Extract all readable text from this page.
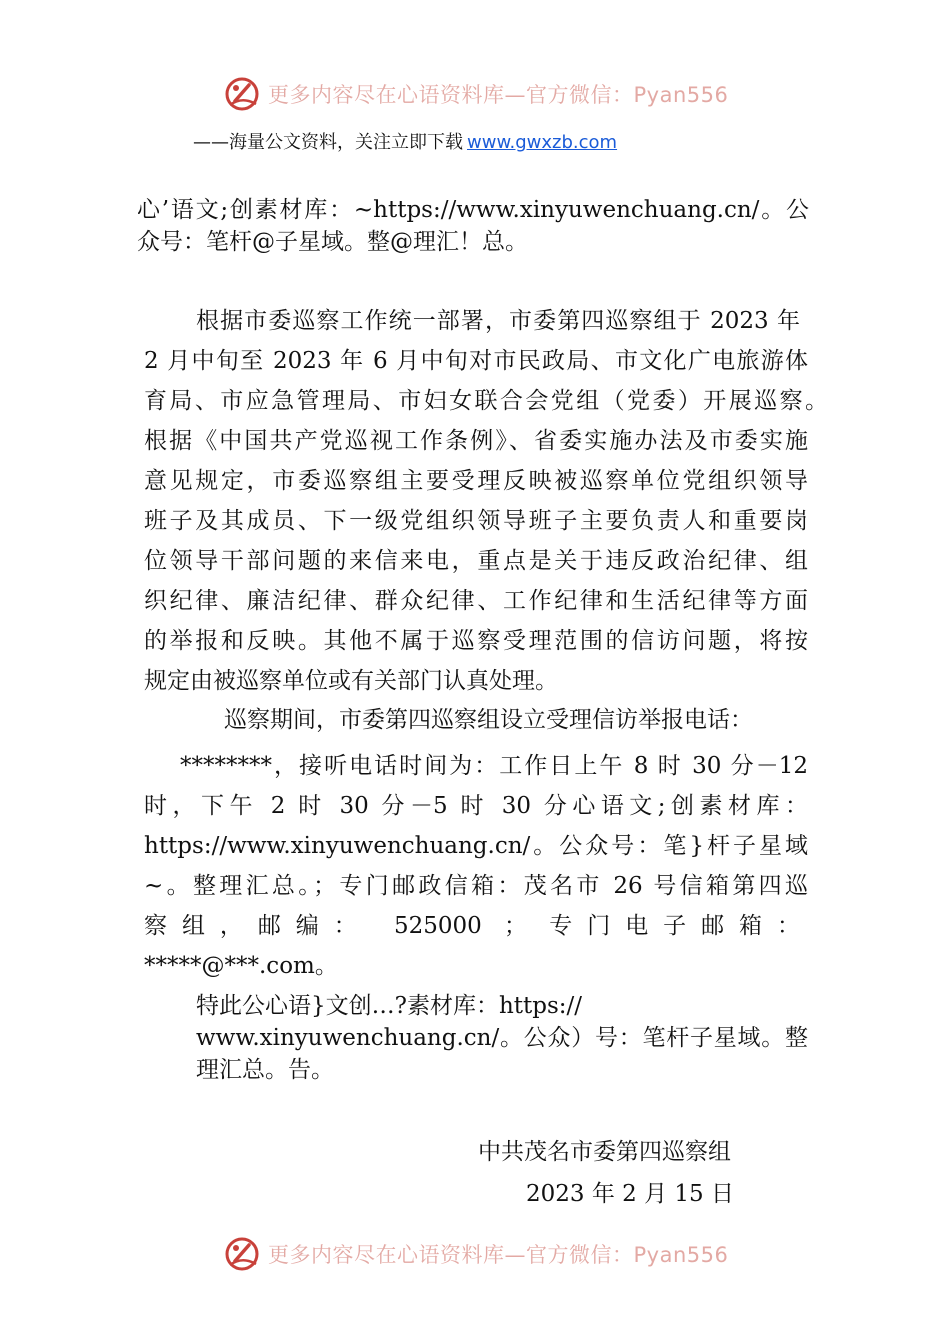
更多内容尽在心语资料库—官方微信：Pyan556
——海量公文资料，关注立即下载 www.gwxzb.com
心’语文;创素材库：~https://www.xinyuwenchuang.cn/。公
众号：笔杆@子星域。整@理汇！总。
根据市委巡察工作统一部署，市委第四巡察组于 2023 年
2 月中旬至 2023 年 6 月中旬对市民政局、市文化广电旅游体
育局、市应急管理局、市妇女联合会党组（党委）开展巡察。
根据《中国共产党巡视工作条例》、省委实施办法及市委实施
意见规定，市委巡察组主要受理反映被巡察单位党组织领导
班子及其成员、下一级党组织领导班子主要负责人和重要岗
位领导干部问题的来信来电，重点是关于违反政治纪律、组
织纪律、廉洁纪律、群众纪律、工作纪律和生活纪律等方面
的举报和反映。其他不属于巡察受理范围的信访问题，将按
规定由被巡察单位或有关部门认真处理。
巡察期间，市委第四巡察组设立受理信访举报电话：
********，接听电话时间为：工作日上午 8 时 30 分－12
时，下午 2 时 30 分－5 时 30 分心语文;创素材库：
https://www.xinyuwenchuang.cn/。公众号：笔}杆子星域
~。整理汇总。；专门邮政信箱：茂名市 26 号信箱第四巡
察组，邮编： 525000 ； 专门电子邮箱：
*****@***.com。
特此公心语}文创…?素材库：https://
www.xinyuwenchuang.cn/。公众）号：笔杆子星域。整
理汇总。告。
中共茂名市委第四巡察组
2023 年 2 月 15 日
更多内容尽在心语资料库—官方微信：Pyan556
